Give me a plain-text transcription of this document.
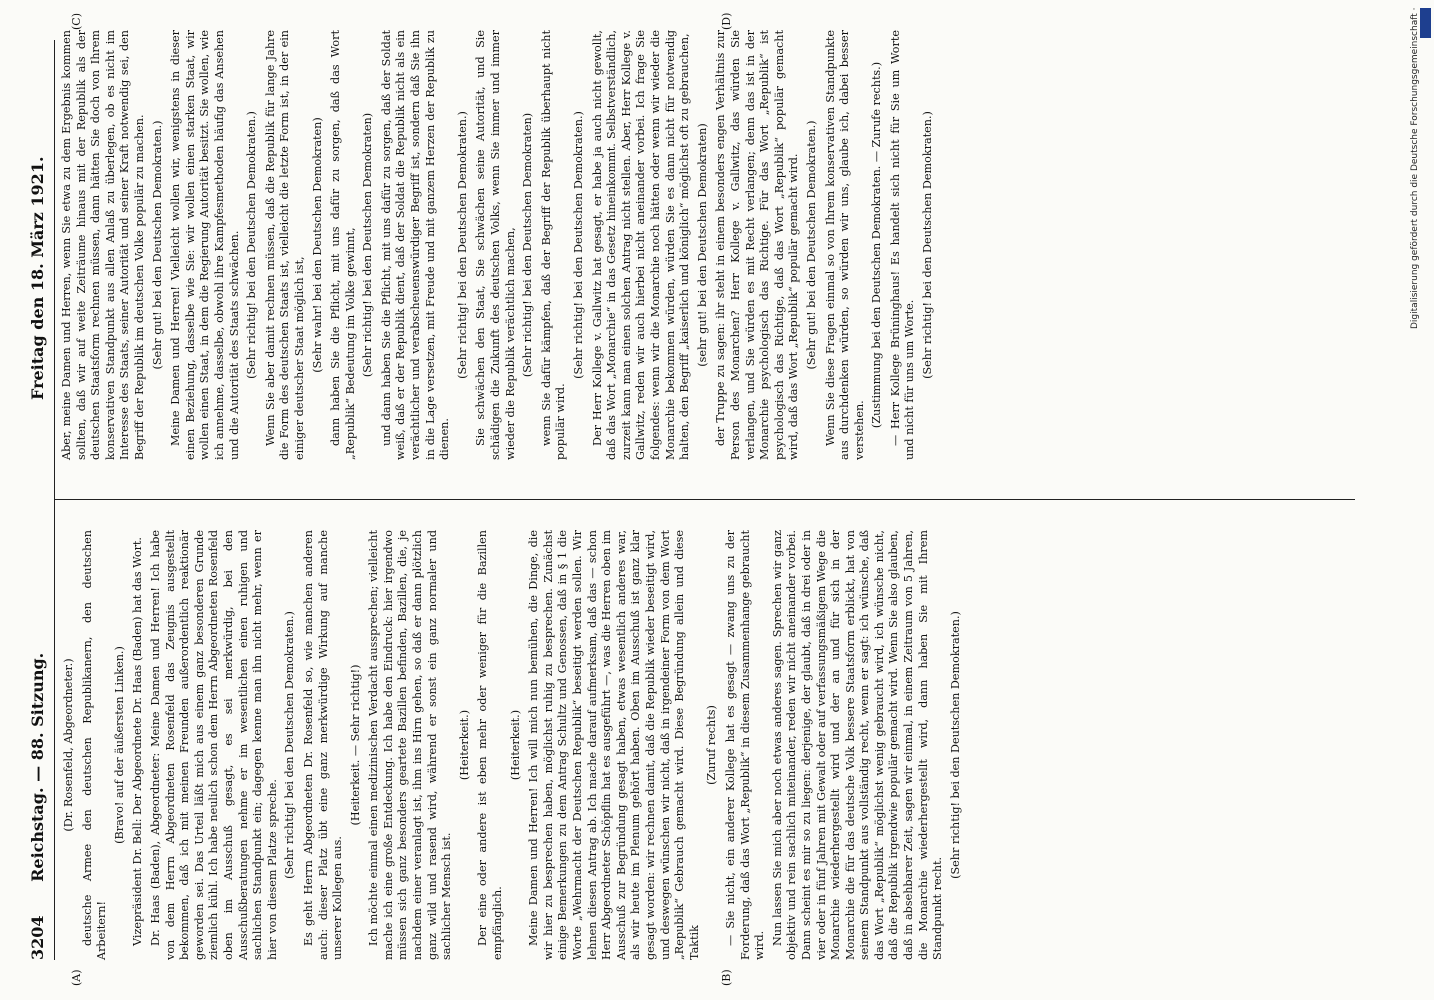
3204 Reichstag. — 88. Sitzung.
Freitag den 18. März 1921.
(A)	(B)
(C)	(D)

(Dr. Rosenfeld, Abgeordneter.) deutsche Armee den deutschen Republikanern, den deutschen Arbeitern!

(Bravo! auf der äußersten Linken.) Vizepräsident Dr. Bell: Der Abgeordnete Dr. Haas (Baden) hat das Wort. Dr. Haas (Baden), Abgeordneter: Meine Damen und Herren! Ich habe von dem Herrn Abgeordneten Rosenfeld das Zeugnis ausgestellt bekommen, daß ich mit meinen Freunden außerordentlich reaktionär geworden sei. Das Urteil läßt mich aus einem ganz besonderen Grunde ziemlich kühl. Ich habe neulich schon dem Herrn Abgeordneten Rosenfeld oben im Ausschuß gesagt, es sei merkwürdig, bei den Ausschußberatungen nehme er im wesentlichen einen ruhigen und sachlichen Standpunkt ein; dagegen kenne man ihn nicht mehr, wenn er hier von diesem Platze spreche. (Sehr richtig! bei den Deutschen Demokraten.) Es geht Herrn Abgeordneten Dr. Rosenfeld so, wie manchen anderen auch: dieser Platz übt eine ganz merkwürdige Wirkung auf manche unserer Kollegen aus.

(Heiterkeit. — Sehr richtig!) Ich möchte einmal einen medizinischen Verdacht aussprechen; vielleicht mache ich eine große Entdeckung. Ich habe den Eindruck: hier irgendwo müssen sich ganz besonders geartete Bazillen befinden, Bazillen, die, je nachdem einer veranlagt ist, ihm ins Hirn gehen, so daß er dann plötzlich ganz wild und rasend wird, während er sonst ein ganz normaler und sachlicher Mensch ist.

(Heiterkeit.) Der eine oder andere ist eben mehr oder weniger für die Bazillen empfänglich.

(Heiterkeit.) Meine Damen und Herren! Ich will mich nun bemühen, die Dinge, die wir hier zu besprechen haben, möglichst ruhig zu besprechen. Zunächst einige Bemerkungen zu dem Antrag Schultz und Genossen, daß in § 1 die Worte „Wehrmacht der Deutschen Republik“ beseitigt werden sollen. Wir lehnen diesen Antrag ab. Ich mache darauf aufmerksam, daß das — schon Herr Abgeordneter Schöpflin hat es ausgeführt —, was die Herren oben im Ausschuß zur Begründung gesagt haben, etwas wesentlich anderes war, als wir heute im Plenum gehört haben. Oben im Ausschuß ist ganz klar gesagt worden: wir rechnen damit, daß die Republik wieder beseitigt wird, und deswegen wünschen wir nicht, daß in irgendeiner Form von dem Wort „Republik“ Gebrauch gemacht wird. Diese Begründung allein und diese Taktik

(Zuruf rechts) — Sie nicht, ein anderer Kollege hat es gesagt — zwang uns zu der Forderung, daß das Wort „Republik“ in diesem Zusammenhange gebraucht wird. Nun lassen Sie mich aber noch etwas anderes sagen. Sprechen wir ganz objektiv und rein sachlich miteinander, reden wir nicht aneinander vorbei. Dann scheint es mir so zu liegen: derjenige, der glaubt, daß in drei oder in vier oder in fünf Jahren mit Gewalt oder auf verfassungsmäßigem Wege die Monarchie wiederhergestellt wird und der an und für sich in der Monarchie die für das deutsche Volk bessere Staatsform erblickt, hat von seinem Standpunkt aus vollständig recht, wenn er sagt: ich wünsche, daß das Wort „Republik“ möglichst wenig gebraucht wird, ich wünsche nicht, daß die Republik irgendwie populär gemacht wird. Wenn Sie also glauben, daß in absehbarer Zeit, sagen wir einmal, in einem Zeitraum von 5 Jahren, die Monarchie wiederhergestellt wird, dann haben Sie mit Ihrem Standpunkt recht.

(Sehr richtig! bei den Deutschen Demokraten.)

Aber, meine Damen und Herren, wenn Sie etwa zu dem Ergebnis kommen sollten, daß wir auf weite Zeiträume hinaus mit der Republik als der deutschen Staatsform rechnen müssen, dann hätten Sie doch von Ihrem konservativen Standpunkt aus allen Anlaß zu überlegen, ob es nicht im Interesse des Staats, seiner Autorität und seiner Kraft notwendig sei, den Begriff der Republik im deutschen Volke populär zu machen. (Sehr gut! bei den Deutschen Demokraten.) Meine Damen und Herren! Vielleicht wollen wir, wenigstens in dieser einen Beziehung, dasselbe wie Sie: wir wollen einen starken Staat, wir wollen einen Staat, in dem die Regierung Autorität besitzt. Sie wollen, wie ich annehme, dasselbe, obwohl ihre Kampfesmethoden häufig das Ansehen und die Autorität des Staats schwächen. (Sehr richtig! bei den Deutschen Demokraten.) Wenn Sie aber damit rechnen müssen, daß die Republik für lange Jahre die Form des deutschen Staats ist, vielleicht die letzte Form ist, in der ein einiger deutscher Staat möglich ist, (Sehr wahr! bei den Deutschen Demokraten) dann haben Sie die Pflicht, mit uns dafür zu sorgen, daß das Wort „Republik“ Bedeutung im Volke gewinnt, (Sehr richtig! bei den Deutschen Demokraten) und dann haben Sie die Pflicht, mit uns dafür zu sorgen, daß der Soldat weiß, daß er der Republik dient, daß der Soldat die Republik nicht als ein verächtlicher und verabscheuenswürdiger Begriff ist, sondern daß Sie ihn in die Lage versetzen, mit Freude und mit ganzem Herzen der Republik zu dienen.

(Sehr richtig! bei den Deutschen Demokraten.) Sie schwächen den Staat, Sie schwächen seine Autorität, und Sie schädigen die Zukunft des deutschen Volks, wenn Sie immer und immer wieder die Republik verächtlich machen, (Sehr richtig! bei den Deutschen Demokraten) wenn Sie dafür kämpfen, daß der Begriff der Republik überhaupt nicht populär wird.

(Sehr richtig! bei den Deutschen Demokraten.) Der Herr Kollege v. Gallwitz hat gesagt, er habe ja auch nicht gewollt, daß das Wort „Monarchie“ in das Gesetz hineinkommt. Selbstverständlich, zurzeit kann man einen solchen Antrag nicht stellen. Aber, Herr Kollege v. Gallwitz, reden wir auch hierbei nicht aneinander vorbei. Ich frage Sie folgendes: wenn wir die Monarchie noch hätten oder wenn wir wieder die Monarchie bekommen würden, würden Sie es dann nicht für notwendig halten, den Begriff „kaiserlich und königlich“ möglichst oft zu gebrauchen, (sehr gut! bei den Deutschen Demokraten) der Truppe zu sagen: ihr steht in einem besonders engen Verhältnis zur Person des Monarchen? Herr Kollege v. Gallwitz, das würden Sie verlangen, und Sie würden es mit Recht verlangen; denn das ist in der Monarchie psychologisch das Richtige. Für das Wort „Republik“ ist psychologisch das Richtige, daß das Wort „Republik“ populär gemacht wird, daß das Wort „Republik“ populär gemacht wird. (Sehr gut! bei den Deutschen Demokraten.) Wenn Sie diese Fragen einmal so von Ihrem konservativen Standpunkte aus durchdenken würden, so würden wir uns, glaube ich, dabei besser verstehen.

(Zustimmung bei den Deutschen Demokraten. — Zurufe rechts.) — Herr Kollege Brüninghaus! Es handelt sich nicht für Sie um Worte und nicht für uns um Worte.

(Sehr richtig! bei den Deutschen Demokraten.)	Digitalisierung gefördert durch die Deutsche Forschungsgemeinschaft ·
